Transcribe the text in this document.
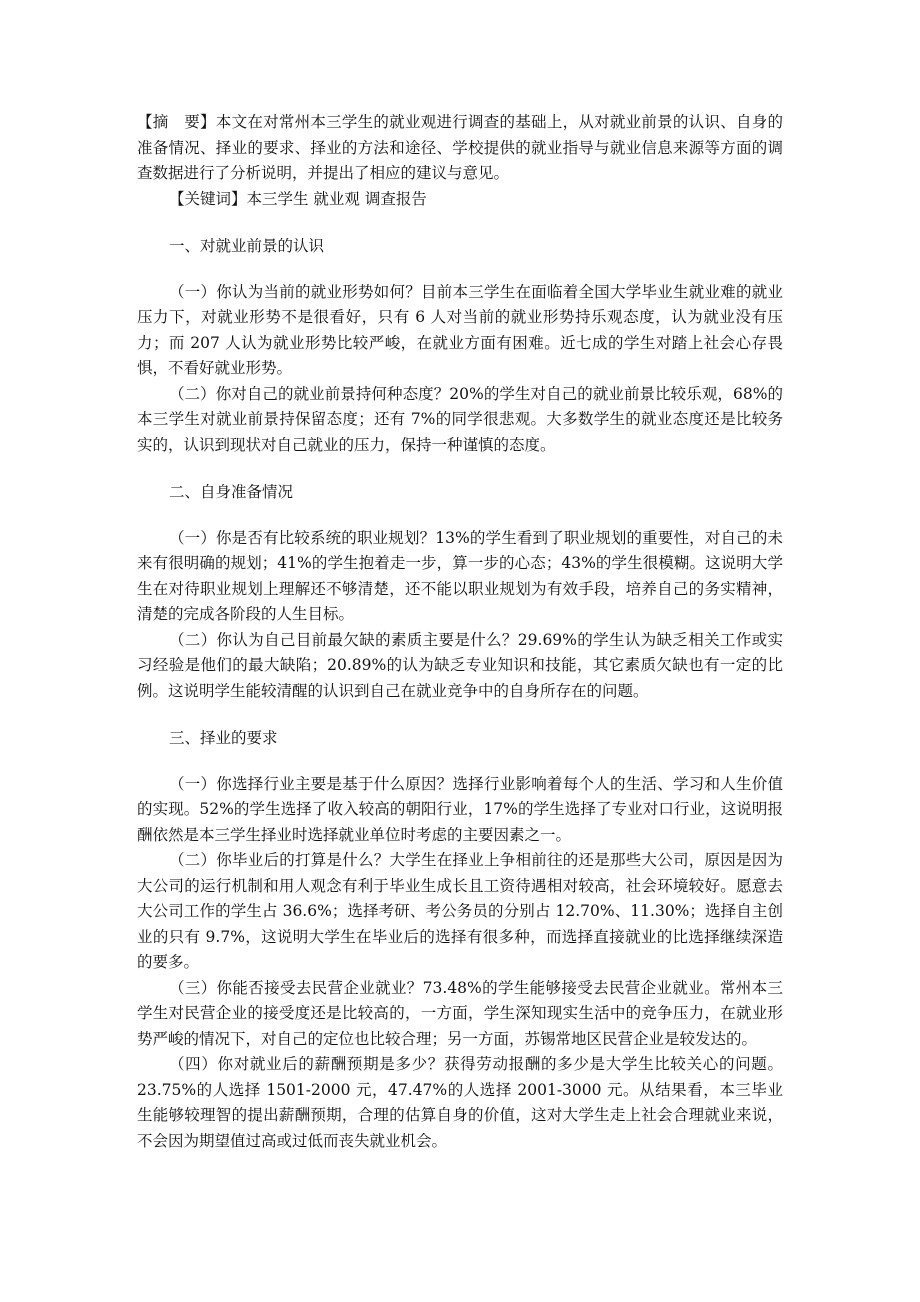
【摘　要】本文在对常州本三学生的就业观进行调查的基础上，从对就业前景的认识、自身的准备情况、择业的要求、择业的方法和途径、学校提供的就业指导与就业信息来源等方面的调查数据进行了分析说明，并提出了相应的建议与意见。

【关键词】本三学生 就业观 调查报告

一、对就业前景的认识

（一）你认为当前的就业形势如何？目前本三学生在面临着全国大学毕业生就业难的就业压力下，对就业形势不是很看好，只有 6 人对当前的就业形势持乐观态度，认为就业没有压力；而 207 人认为就业形势比较严峻，在就业方面有困难。近七成的学生对踏上社会心存畏惧，不看好就业形势。

（二）你对自己的就业前景持何种态度？20%的学生对自己的就业前景比较乐观，68%的本三学生对就业前景持保留态度；还有 7%的同学很悲观。大多数学生的就业态度还是比较务实的，认识到现状对自己就业的压力，保持一种谨慎的态度。

二、自身准备情况

（一）你是否有比较系统的职业规划？13%的学生看到了职业规划的重要性，对自己的未来有很明确的规划；41%的学生抱着走一步，算一步的心态；43%的学生很模糊。这说明大学生在对待职业规划上理解还不够清楚，还不能以职业规划为有效手段，培养自己的务实精神，清楚的完成各阶段的人生目标。

（二）你认为自己目前最欠缺的素质主要是什么？29.69%的学生认为缺乏相关工作或实习经验是他们的最大缺陷；20.89%的认为缺乏专业知识和技能，其它素质欠缺也有一定的比例。这说明学生能较清醒的认识到自己在就业竞争中的自身所存在的问题。

三、择业的要求

（一）你选择行业主要是基于什么原因？选择行业影响着每个人的生活、学习和人生价值的实现。52%的学生选择了收入较高的朝阳行业，17%的学生选择了专业对口行业，这说明报酬依然是本三学生择业时选择就业单位时考虑的主要因素之一。

（二）你毕业后的打算是什么？大学生在择业上争相前往的还是那些大公司，原因是因为大公司的运行机制和用人观念有利于毕业生成长且工资待遇相对较高，社会环境较好。愿意去大公司工作的学生占 36.6%；选择考研、考公务员的分别占 12.70%、11.30%；选择自主创业的只有 9.7%，这说明大学生在毕业后的选择有很多种，而选择直接就业的比选择继续深造的要多。

（三）你能否接受去民营企业就业？73.48%的学生能够接受去民营企业就业。常州本三学生对民营企业的接受度还是比较高的，一方面，学生深知现实生活中的竞争压力，在就业形势严峻的情况下，对自己的定位也比较合理；另一方面，苏锡常地区民营企业是较发达的。

（四）你对就业后的薪酬预期是多少？获得劳动报酬的多少是大学生比较关心的问题。23.75%的人选择 1501-2000 元，47.47%的人选择 2001-3000 元。从结果看，本三毕业生能够较理智的提出薪酬预期，合理的估算自身的价值，这对大学生走上社会合理就业来说，不会因为期望值过高或过低而丧失就业机会。
